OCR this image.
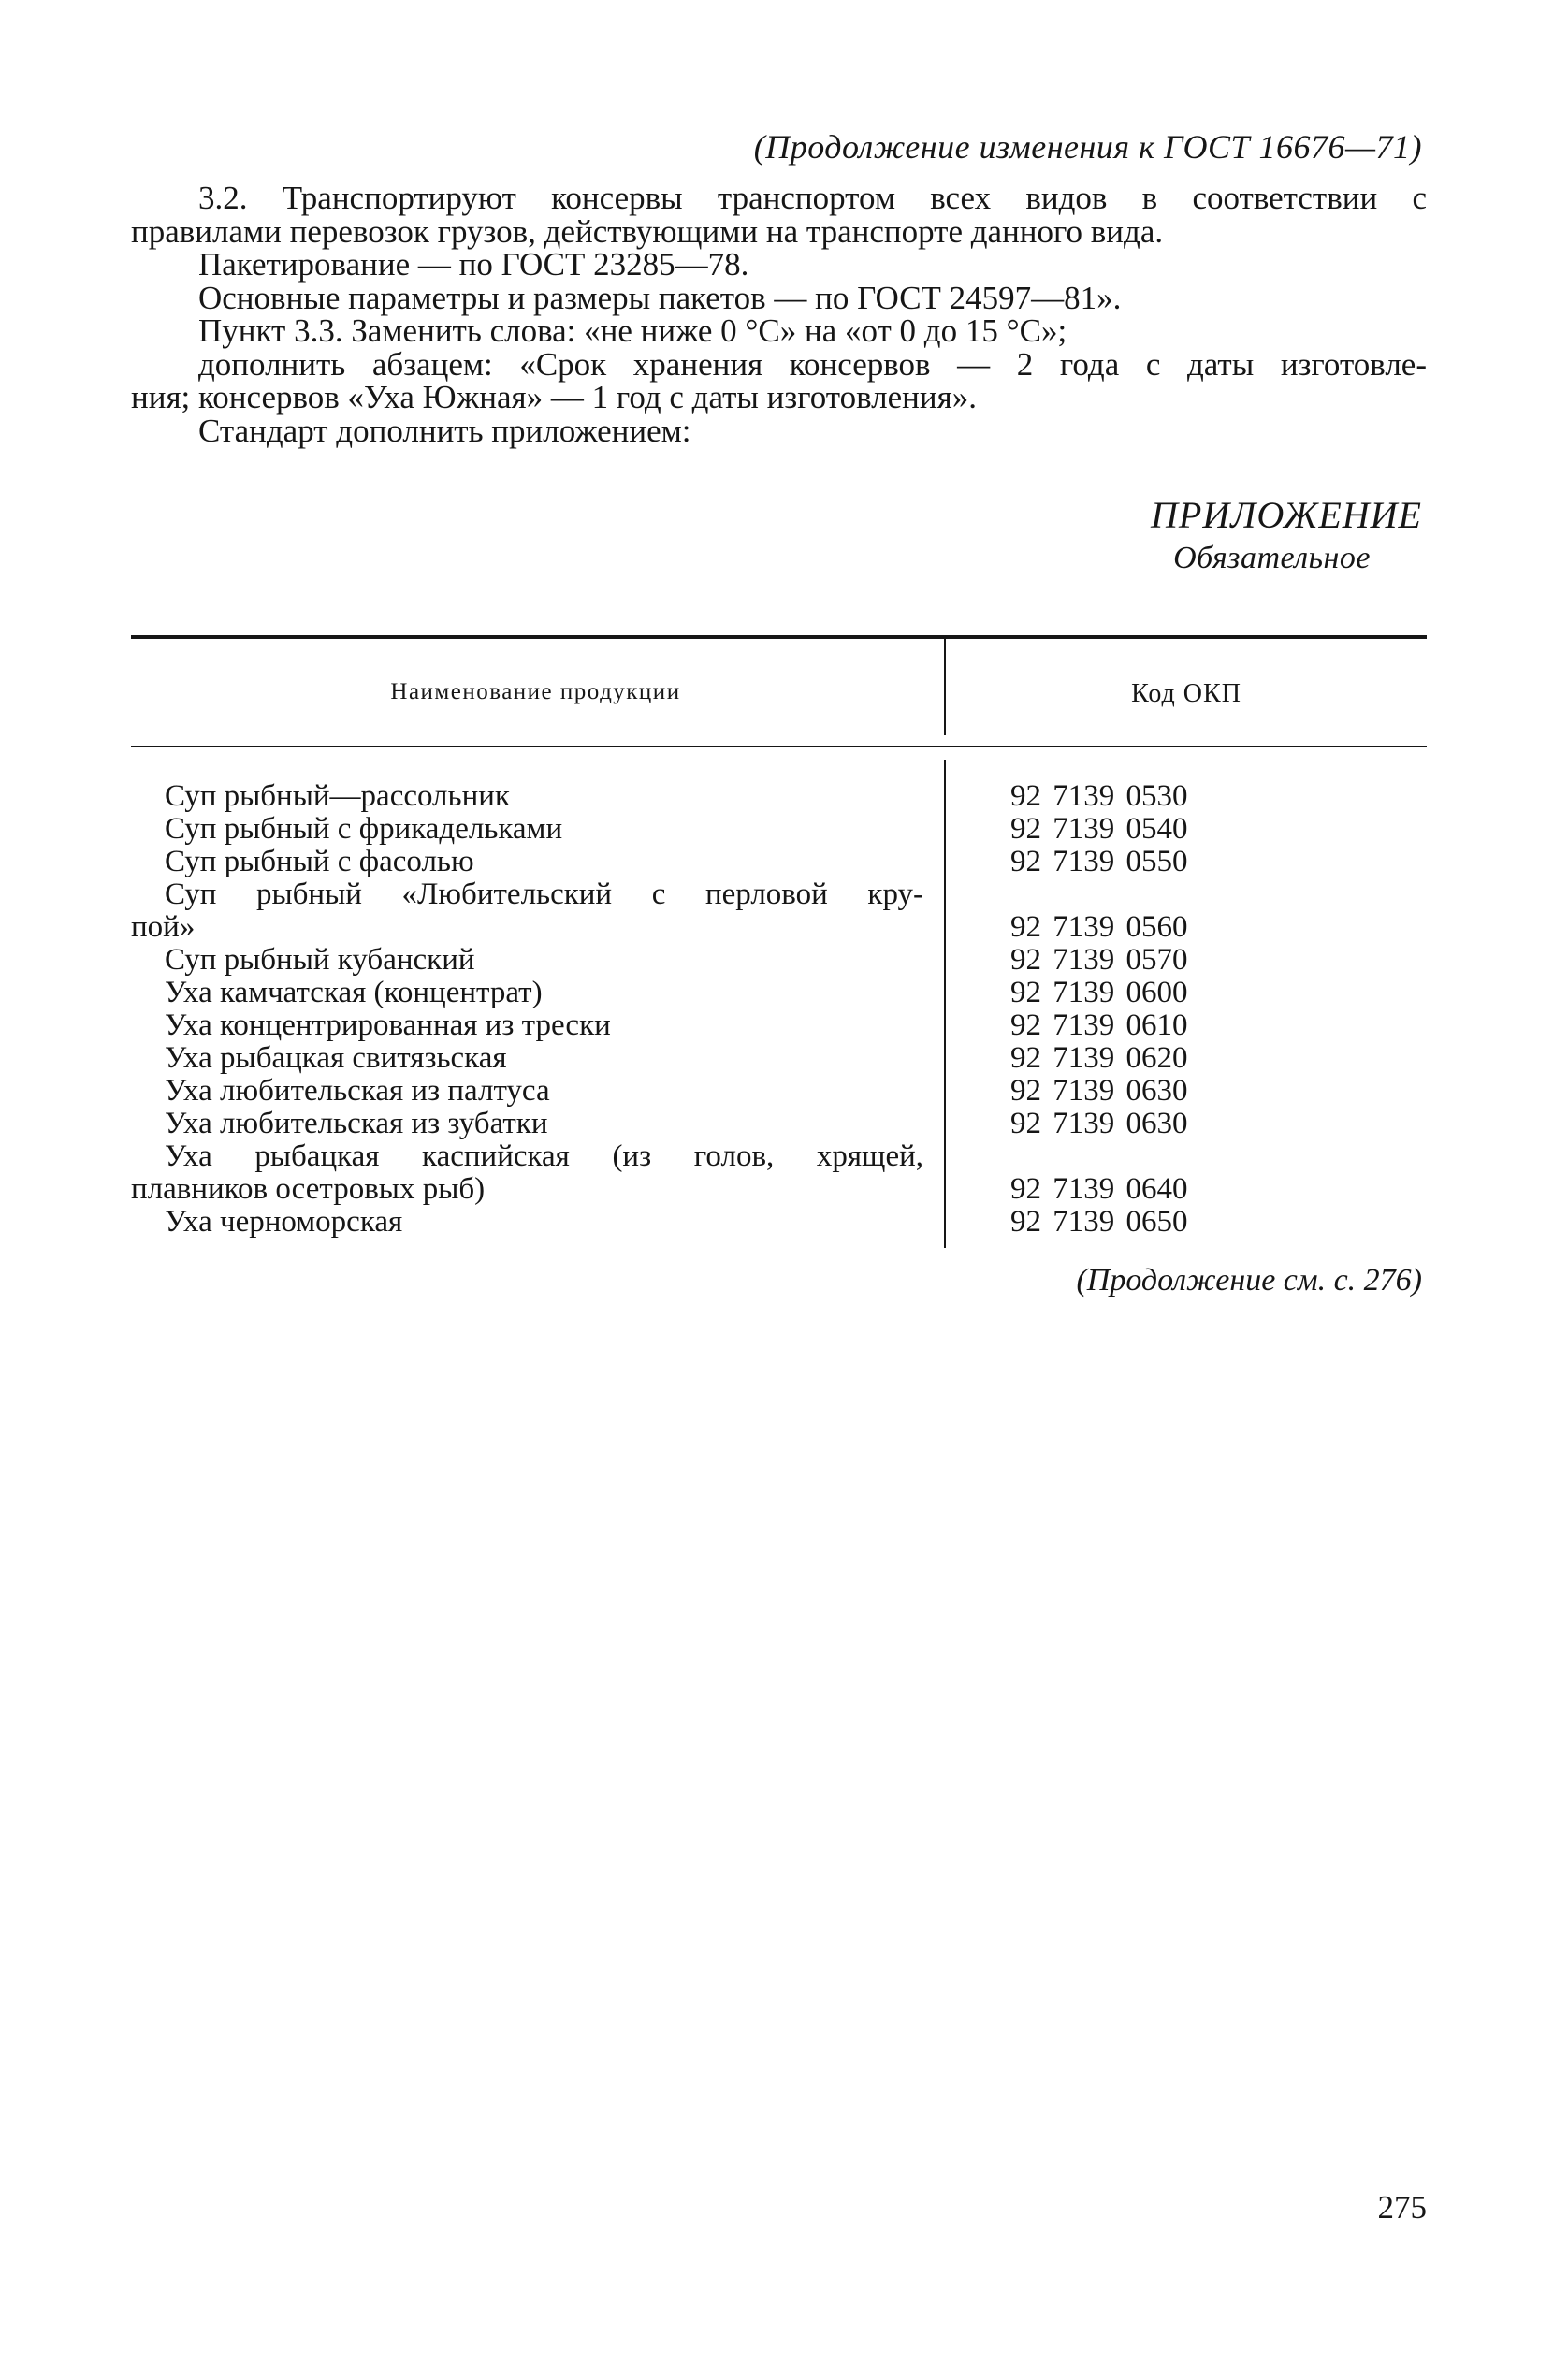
(Продолжение изменения к ГОСТ 16676—71)

3.2. Транспортируют консервы транспортом всех видов в соответствии с

правилами перевозок грузов, действующими на транспорте данного вида.

Пакетирование — по ГОСТ 23285—78.

Основные параметры и размеры пакетов — по ГОСТ 24597—81».

Пункт 3.3. Заменить слова: «не ниже 0 °С» на «от 0 до 15 °С»;

дополнить абзацем: «Срок хранения консервов — 2 года с даты изготовле-

ния; консервов «Уха Южная» — 1 год с даты изготовления».

Стандарт дополнить приложением:

ПРИЛОЖЕНИЕ
Обязательное
Наименование продукции	Код ОКП
Суп рыбный—рассольник	92 7139 0530
Суп рыбный с фрикадельками	92 7139 0540
Суп рыбный с фасолью	92 7139 0550
Суп рыбный «Любительский с перловой кру-
пой»	92 7139 0560
Суп рыбный кубанский	92 7139 0570
Уха камчатская (концентрат)	92 7139 0600
Уха концентрированная из трески	92 7139 0610
Уха рыбацкая свитязьская	92 7139 0620
Уха любительская из палтуса	92 7139 0630
Уха любительская из зубатки	92 7139 0630
Уха рыбацкая каспийская (из голов, хрящей,
плавников осетровых рыб)	92 7139 0640
Уха черноморская	92 7139 0650
(Продолжение см. с. 276)
275
